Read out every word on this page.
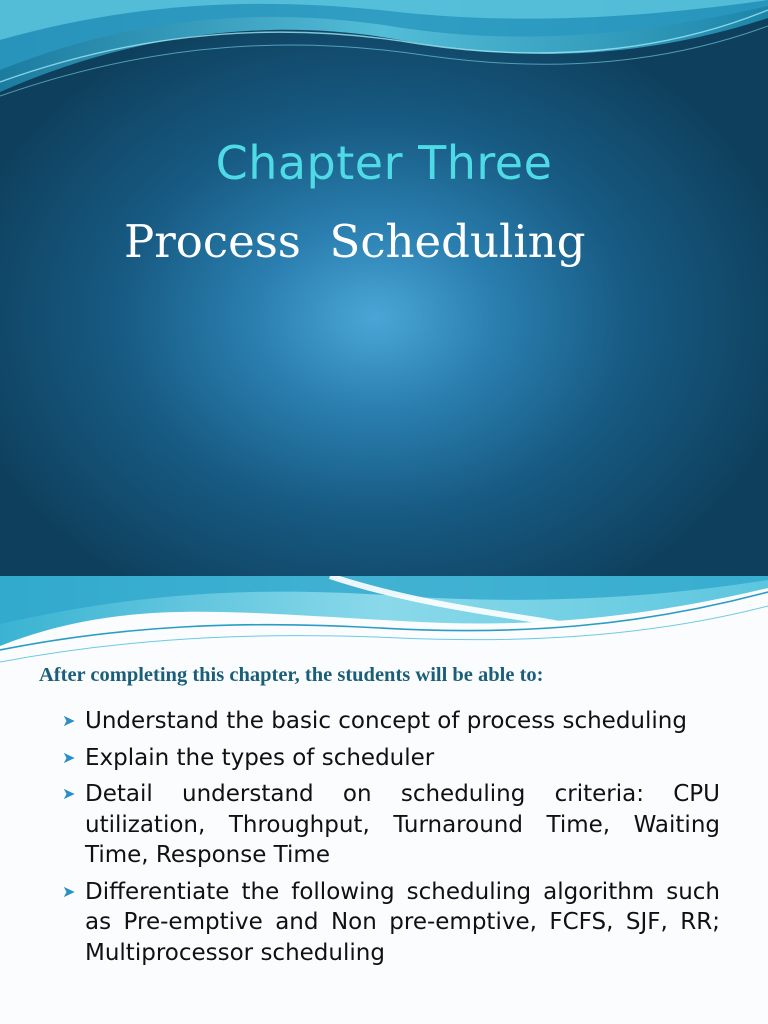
Chapter Three
Process  Scheduling
After completing this chapter, the students will be able to:
➤ Understand the basic concept of process scheduling
➤ Explain the types of scheduler
➤ Detail understand on scheduling criteria: CPU utilization, Throughput, Turnaround Time, Waiting Time, Response Time
➤ Differentiate the following scheduling algorithm such as Pre-emptive and Non pre-emptive, FCFS, SJF, RR; Multiprocessor scheduling
